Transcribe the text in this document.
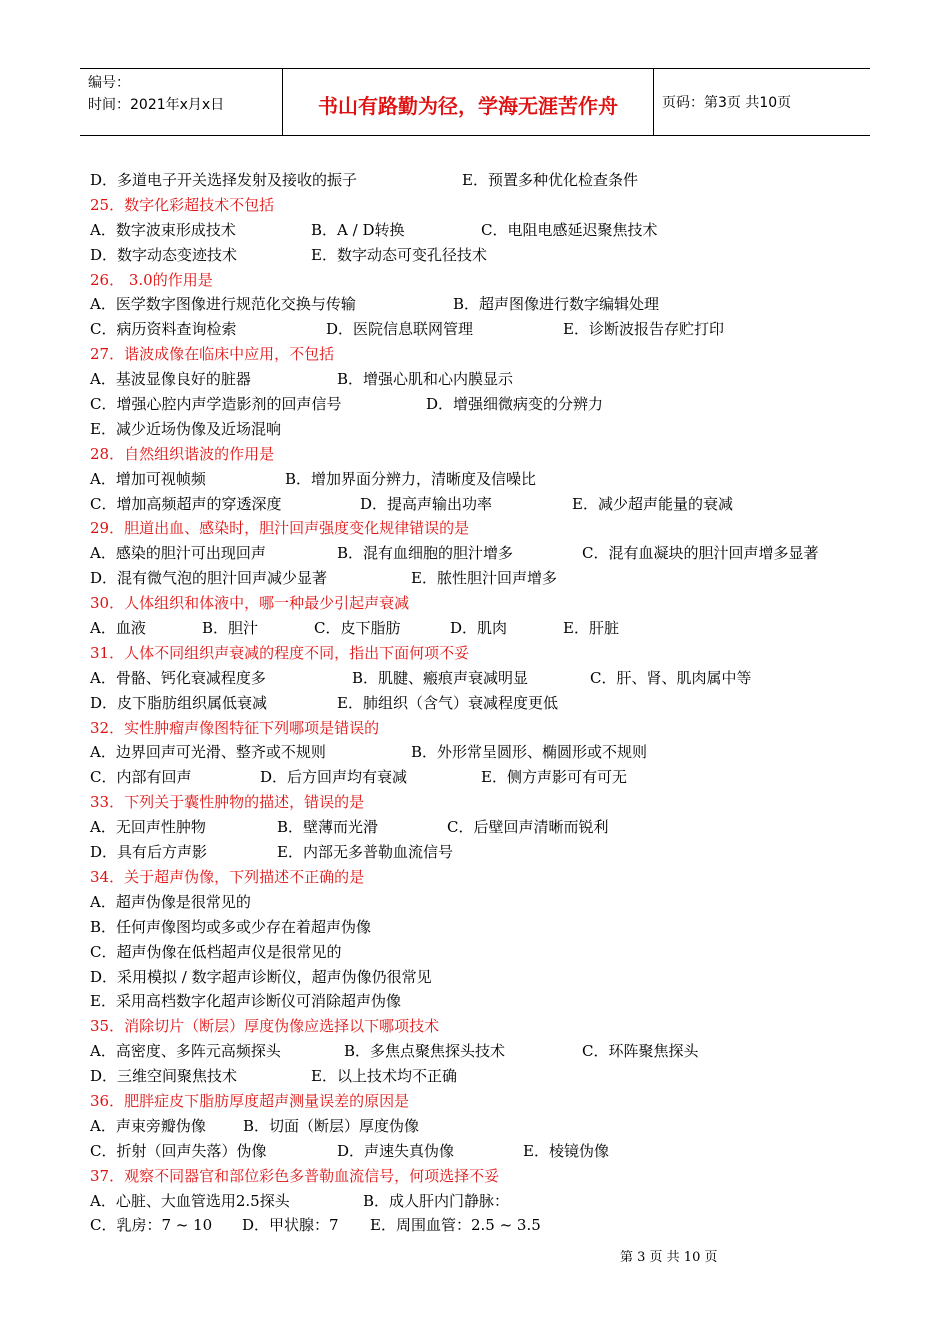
编号：
时间：2021年x月x日	书山有路勤为径，学海无涯苦作舟	页码：第3页 共10页
D．多道电子开关选择发射及接收的振子	E．预置多种优化检查条件
25．数字化彩超技术不包括
A．数字波束形成技术	B．A / D转换	C．电阻电感延迟聚焦技术
D．数字动态变迹技术	E．数字动态可变孔径技术
26． 3.0的作用是
A．医学数字图像进行规范化交换与传输	B．超声图像进行数字编辑处理
C．病历资料查询检索	D．医院信息联网管理	E．诊断波报告存贮打印
27．谐波成像在临床中应用，不包括
A．基波显像良好的脏器	B．增强心肌和心内膜显示
C．增强心腔内声学造影剂的回声信号	D．增强细微病变的分辨力
E．减少近场伪像及近场混响
28．自然组织谐波的作用是
A．增加可视帧频	B．增加界面分辨力，清晰度及信噪比
C．增加高频超声的穿透深度	D．提高声输出功率	E．减少超声能量的衰减
29．胆道出血、感染时，胆汁回声强度变化规律错误的是
A．感染的胆汁可出现回声	B．混有血细胞的胆汁增多	C．混有血凝块的胆汁回声增多显著
D．混有微气泡的胆汁回声减少显著	E．脓性胆汁回声增多
30．人体组织和体液中，哪一种最少引起声衰减
A．血液	B．胆汁	C．皮下脂肪	D．肌肉	E．肝脏
31．人体不同组织声衰减的程度不同，指出下面何项不妥
A．骨骼、钙化衰减程度多	B．肌腱、瘢痕声衰减明显	C．肝、肾、肌肉属中等
D．皮下脂肪组织属低衰减	E．肺组织（含气）衰减程度更低
32．实性肿瘤声像图特征下列哪项是错误的
A．边界回声可光滑、整齐或不规则	B．外形常呈圆形、椭圆形或不规则
C．内部有回声	D．后方回声均有衰减	E．侧方声影可有可无
33．下列关于囊性肿物的描述，错误的是
A．无回声性肿物	B．壁薄而光滑	C．后壁回声清晰而锐利
D．具有后方声影	E．内部无多普勒血流信号
34．关于超声伪像，下列描述不正确的是
A．超声伪像是很常见的
B．任何声像图均或多或少存在着超声伪像
C．超声伪像在低档超声仪是很常见的
D．采用模拟 / 数字超声诊断仪，超声伪像仍很常见
E．采用高档数字化超声诊断仪可消除超声伪像
35．消除切片（断层）厚度伪像应选择以下哪项技术
A．高密度、多阵元高频探头	B．多焦点聚焦探头技术	C．环阵聚焦探头
D．三维空间聚焦技术	E．以上技术均不正确
36．肥胖症皮下脂肪厚度超声测量误差的原因是
A．声束旁瓣伪像 B．切面（断层）厚度伪像
C．折射（回声失落）伪像	D．声速失真伪像	E．棱镜伪像
37．观察不同器官和部位彩色多普勒血流信号，何项选择不妥
A．心脏、大血管选用2.5探头	B．成人肝内门静脉：
C．乳房：7 ~ 10 D．甲状腺：7 E．周围血管：2.5 ~ 3.5
第 3 页 共 10 页
